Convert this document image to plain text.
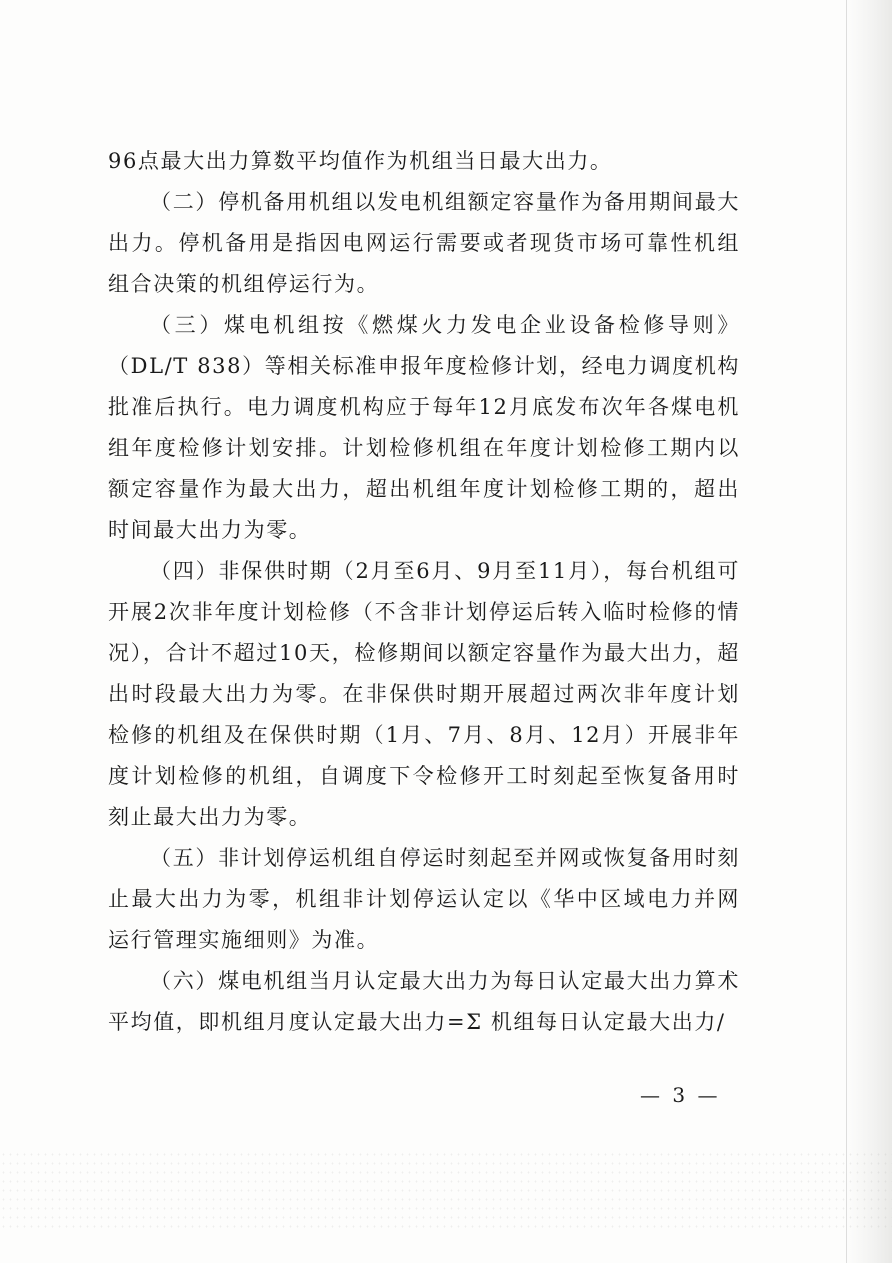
96点最大出力算数平均值作为机组当日最大出力。

（二）停机备用机组以发电机组额定容量作为备用期间最大出力。停机备用是指因电网运行需要或者现货市场可靠性机组组合决策的机组停运行为。

（三）煤电机组按《燃煤火力发电企业设备检修导则》（DL/T 838）等相关标准申报年度检修计划，经电力调度机构批准后执行。电力调度机构应于每年12月底发布次年各煤电机组年度检修计划安排。计划检修机组在年度计划检修工期内以额定容量作为最大出力，超出机组年度计划检修工期的，超出时间最大出力为零。

（四）非保供时期（2月至6月、9月至11月），每台机组可开展2次非年度计划检修（不含非计划停运后转入临时检修的情况），合计不超过10天，检修期间以额定容量作为最大出力，超出时段最大出力为零。在非保供时期开展超过两次非年度计划检修的机组及在保供时期（1月、7月、8月、12月）开展非年度计划检修的机组，自调度下令检修开工时刻起至恢复备用时刻止最大出力为零。

（五）非计划停运机组自停运时刻起至并网或恢复备用时刻止最大出力为零，机组非计划停运认定以《华中区域电力并网运行管理实施细则》为准。

（六）煤电机组当月认定最大出力为每日认定最大出力算术平均值，即机组月度认定最大出力=Σ 机组每日认定最大出力/

— 3 —
